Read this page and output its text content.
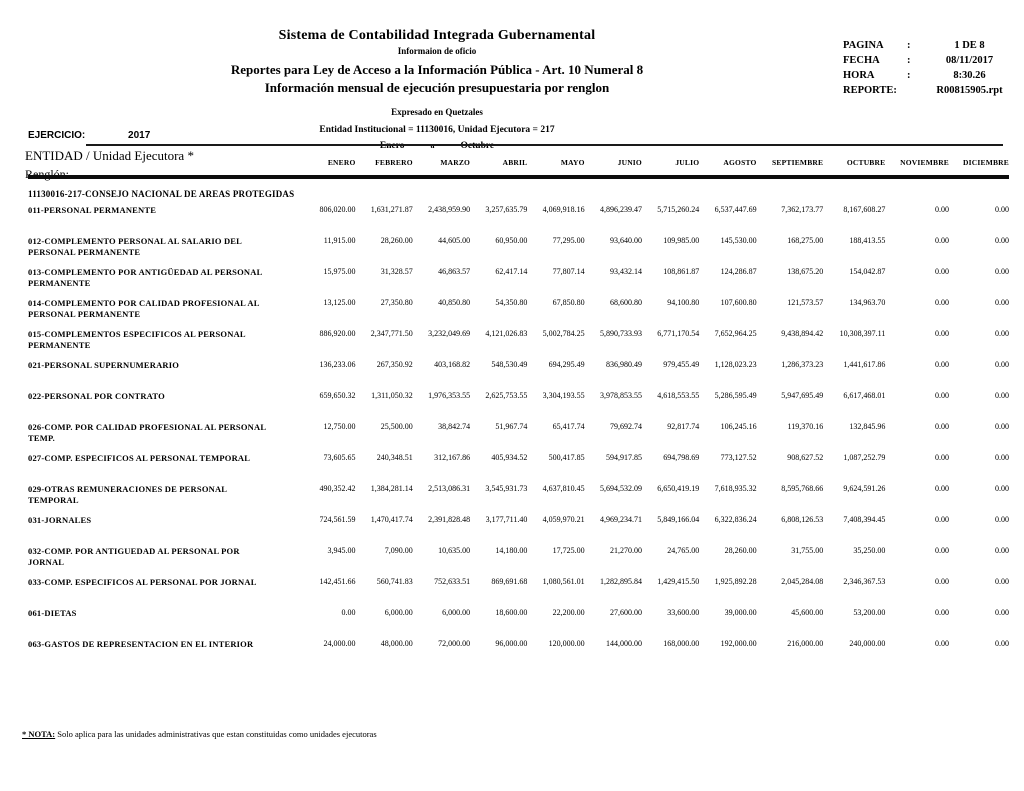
Sistema de Contabilidad Integrada Gubernamental
Informaion de oficio
Reportes para Ley de Acceso a la Información Pública - Art. 10 Numeral 8
Información mensual de ejecución presupuestaria por renglon
Expresado en Quetzales
Entidad Institucional = 11130016, Unidad Ejecutora = 217
Enero	a	Octubre
PAGINA	:	1 DE 8
FECHA	:	08/11/2017
HORA	:	8:30.26
REPORTE:	R00815905.rpt
EJERCICIO:	2017
ENTIDAD / Unidad Ejecutora *
Renglón:
	ENERO	FEBRERO	MARZO	ABRIL	MAYO	JUNIO	JULIO	AGOSTO	SEPTIEMBRE	OCTUBRE	NOVIEMBRE	DICIEMBRE

11130016-217-CONSEJO NACIONAL DE AREAS PROTEGIDAS												
011-PERSONAL PERMANENTE	806,020.00	1,631,271.87	2,438,959.90	3,257,635.79	4,069,918.16	4,896,239.47	5,715,260.24	6,537,447.69	7,362,173.77	8,167,608.27	0.00	0.00
012-COMPLEMENTO PERSONAL AL SALARIO DEL PERSONAL PERMANENTE	11,915.00	28,260.00	44,605.00	60,950.00	77,295.00	93,640.00	109,985.00	145,530.00	168,275.00	188,413.55	0.00	0.00
013-COMPLEMENTO POR ANTIGÜEDAD AL PERSONAL PERMANENTE	15,975.00	31,328.57	46,863.57	62,417.14	77,807.14	93,432.14	108,861.87	124,286.87	138,675.20	154,042.87	0.00	0.00
014-COMPLEMENTO POR CALIDAD PROFESIONAL AL PERSONAL PERMANENTE	13,125.00	27,350.80	40,850.80	54,350.80	67,850.80	68,600.80	94,100.80	107,600.80	121,573.57	134,963.70	0.00	0.00
015-COMPLEMENTOS ESPECIFICOS AL PERSONAL PERMANENTE	886,920.00	2,347,771.50	3,232,049.69	4,121,026.83	5,002,784.25	5,890,733.93	6,771,170.54	7,652,964.25	9,438,894.42	10,308,397.11	0.00	0.00
021-PERSONAL SUPERNUMERARIO	136,233.06	267,350.92	403,168.82	548,530.49	694,295.49	836,980.49	979,455.49	1,128,023.23	1,286,373.23	1,441,617.86	0.00	0.00
022-PERSONAL POR CONTRATO	659,650.32	1,311,050.32	1,976,353.55	2,625,753.55	3,304,193.55	3,978,853.55	4,618,553.55	5,286,595.49	5,947,695.49	6,617,468.01	0.00	0.00
026-COMP. POR CALIDAD PROFESIONAL AL PERSONAL TEMP.	12,750.00	25,500.00	38,842.74	51,967.74	65,417.74	79,692.74	92,817.74	106,245.16	119,370.16	132,845.96	0.00	0.00
027-COMP. ESPECIFICOS AL PERSONAL TEMPORAL	73,605.65	240,348.51	312,167.86	405,934.52	500,417.85	594,917.85	694,798.69	773,127.52	908,627.52	1,087,252.79	0.00	0.00
029-OTRAS REMUNERACIONES DE PERSONAL TEMPORAL	490,352.42	1,384,281.14	2,513,086.31	3,545,931.73	4,637,810.45	5,694,532.09	6,650,419.19	7,618,935.32	8,595,768.66	9,624,591.26	0.00	0.00
031-JORNALES	724,561.59	1,470,417.74	2,391,828.48	3,177,711.40	4,059,970.21	4,969,234.71	5,849,166.04	6,322,836.24	6,808,126.53	7,408,394.45	0.00	0.00
032-COMP. POR ANTIGUEDAD AL PERSONAL POR JORNAL	3,945.00	7,090.00	10,635.00	14,180.00	17,725.00	21,270.00	24,765.00	28,260.00	31,755.00	35,250.00	0.00	0.00
033-COMP. ESPECIFICOS AL PERSONAL POR JORNAL	142,451.66	560,741.83	752,633.51	869,691.68	1,080,561.01	1,282,895.84	1,429,415.50	1,925,892.28	2,045,284.08	2,346,367.53	0.00	0.00
061-DIETAS	0.00	6,000.00	6,000.00	18,600.00	22,200.00	27,600.00	33,600.00	39,000.00	45,600.00	53,200.00	0.00	0.00
063-GASTOS DE REPRESENTACION EN EL INTERIOR	24,000.00	48,000.00	72,000.00	96,000.00	120,000.00	144,000.00	168,000.00	192,000.00	216,000.00	240,000.00	0.00	0.00
* NOTA: Solo aplica para las unidades administrativas que estan constituidas como unidades ejecutoras
